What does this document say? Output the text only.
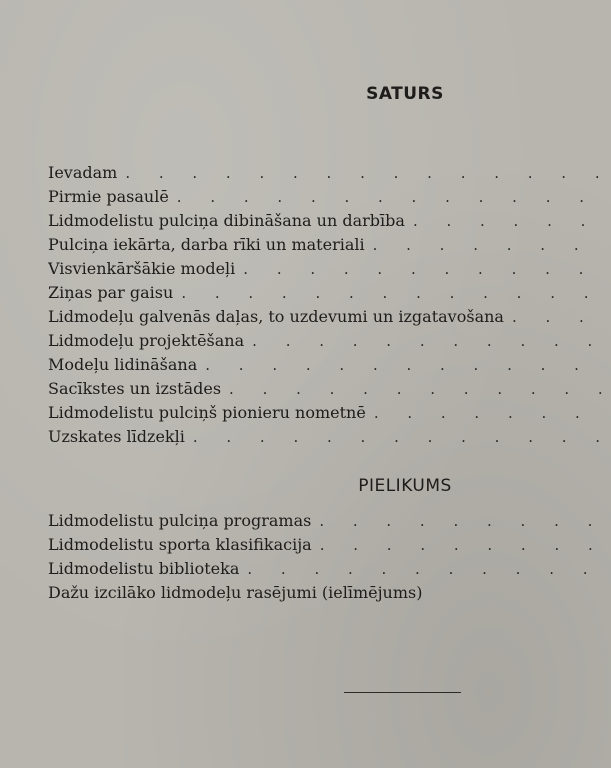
SATURS
Ievadam
. . .
Pirmie pasaulē
. . .
Lidmodelistu pulciņa dibināšana un darbība
. . .
Pulciņa iekārta, darba rīki un materiali
. . .
Visvienkāršākie modeļi
. . .
Ziņas par gaisu
. . .
Lidmodeļu galvenās daļas, to uzdevumi un izgatavošana
. . .
Lidmodeļu projektēšana
. . .
Modeļu lidināšana
. . .
Sacīkstes un izstādes
. . .
Lidmodelistu pulciņš pionieru nometnē
. . .
Uzskates līdzekļi
. . .
PIELIKUMS
Lidmodelistu pulciņa programas
. . .
Lidmodelistu sporta klasifikacija
. . .
Lidmodelistu biblioteka
. . .
Dažu izcilāko lidmodeļu rasējumi (ielīmējums)
